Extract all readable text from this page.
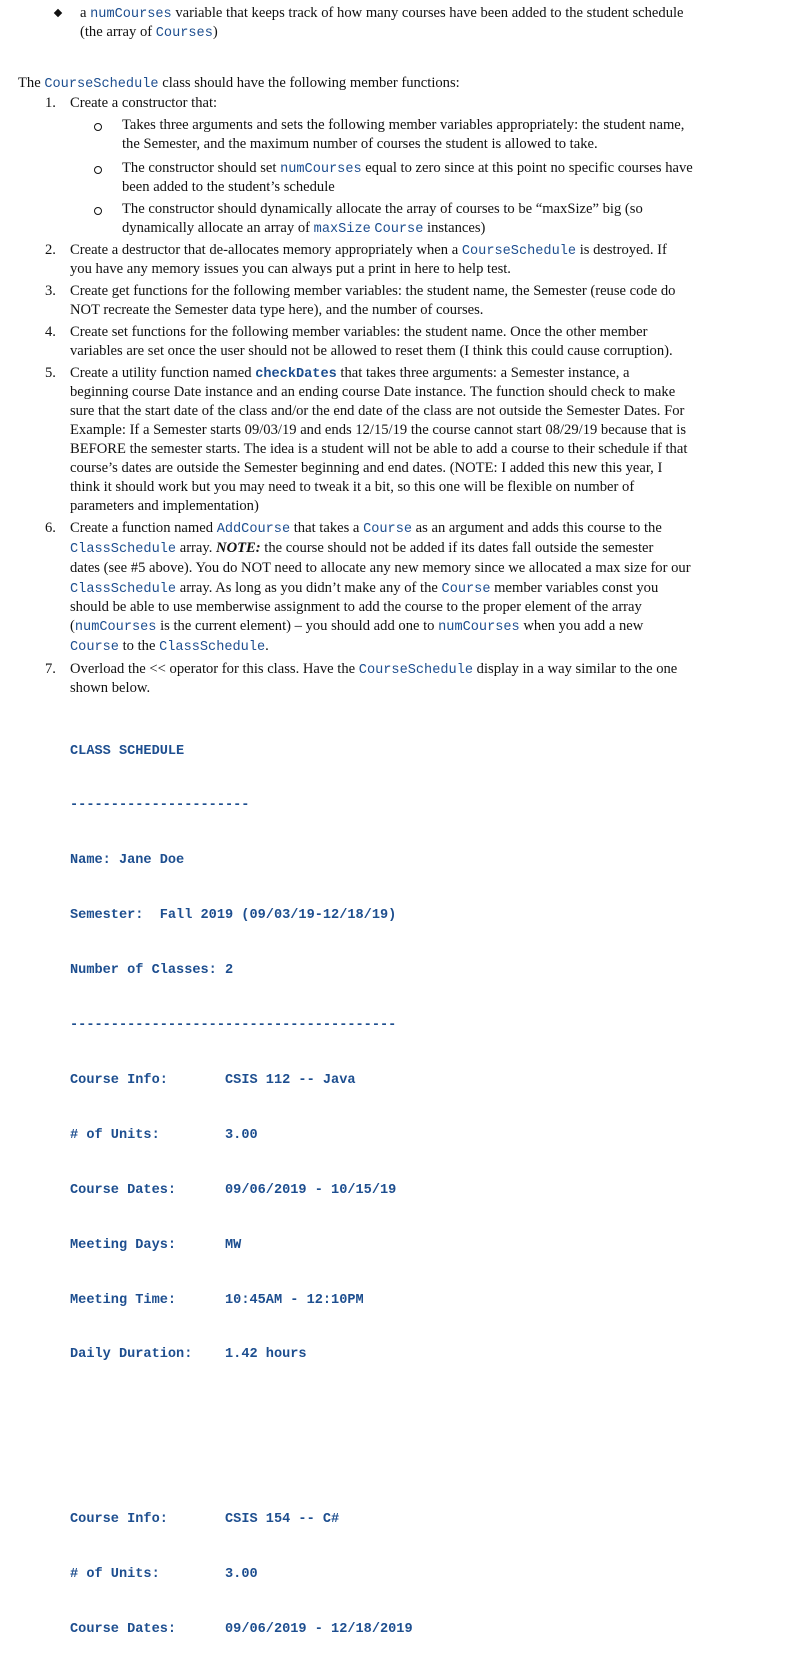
a numCourses variable that keeps track of how many courses have been added to the student schedule
(the array of Courses)
The CourseSchedule class should have the following member functions:
1. Create a constructor that:
Takes three arguments and sets the following member variables appropriately: the student name,
the Semester, and the maximum number of courses the student is allowed to take.
The constructor should set numCourses equal to zero since at this point no specific courses have
been added to the student’s schedule
The constructor should dynamically allocate the array of courses to be “maxSize” big (so
dynamically allocate an array of maxSize Course instances)
2. Create a destructor that de-allocates memory appropriately when a CourseSchedule is destroyed. If
you have any memory issues you can always put a print in here to help test.
3. Create get functions for the following member variables: the student name, the Semester (reuse code do
NOT recreate the Semester data type here), and the number of courses.
4. Create set functions for the following member variables: the student name. Once the other member
variables are set once the user should not be allowed to reset them (I think this could cause corruption).
5. Create a utility function named checkDates that takes three arguments: a Semester instance, a
beginning course Date instance and an ending course Date instance. The function should check to make
sure that the start date of the class and/or the end date of the class are not outside the Semester Dates. For
Example: If a Semester starts 09/03/19 and ends 12/15/19 the course cannot start 08/29/19 because that is
BEFORE the semester starts. The idea is a student will not be able to add a course to their schedule if that
course’s dates are outside the Semester beginning and end dates. (NOTE: I added this new this year, I
think it should work but you may need to tweak it a bit, so this one will be flexible on number of
parameters and implementation)
6. Create a function named AddCourse that takes a Course as an argument and adds this course to the
ClassSchedule array. NOTE: the course should not be added if its dates fall outside the semester
dates (see #5 above). You do NOT need to allocate any new memory since we allocated a max size for our
ClassSchedule array. As long as you didn’t make any of the Course member variables const you
should be able to use memberwise assignment to add the course to the proper element of the array
(numCourses is the current element) – you should add one to numCourses when you add a new
Course to the ClassSchedule.
7. Overload the << operator for this class. Have the CourseSchedule display in a way similar to the one
shown below.

CLASS SCHEDULE

----------------------

Name: Jane Doe

Semester:  Fall 2019 (09/03/19-12/18/19)

Number of Classes: 2

----------------------------------------

Course Info:	CSIS 112 -- Java

# of Units:	3.00

Course Dates:	09/06/2019 - 10/15/19

Meeting Days:	MW

Meeting Time:	10:45AM - 12:10PM

Daily Duration: 1.42 hours

Course Info:	CSIS 154 -- C#

# of Units:	3.00

Course Dates:	09/06/2019 - 12/18/2019
